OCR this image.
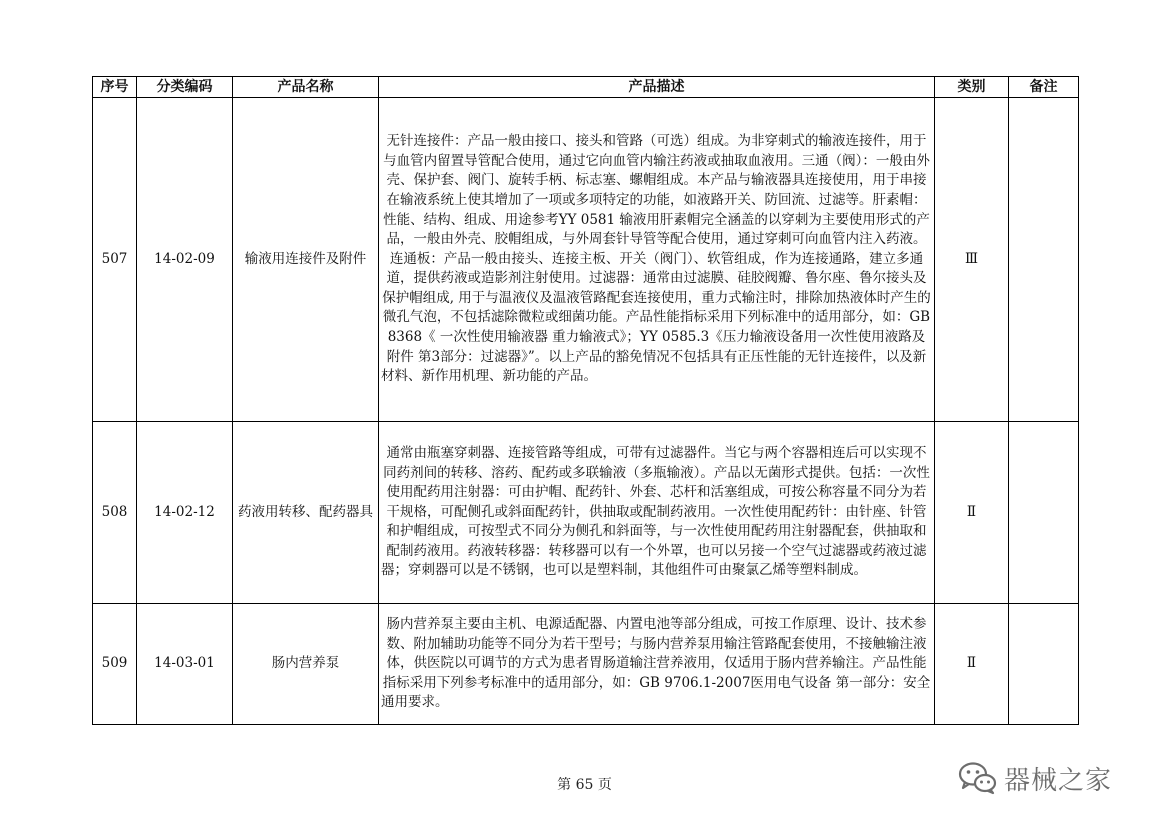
序号	分类编码	产品名称	产品描述	类别	备注
507	14-02-09	输液用连接件及附件	无针连接件：产品一般由接口、接头和管路（可选）组成。为非穿刺式的输液连接件，用于与血管内留置导管配合使用，通过它向血管内输注药液或抽取血液用。三通（阀）：一般由外壳、保护套、阀门、旋转手柄、标志塞、螺帽组成。本产品与输液器具连接使用，用于串接在输液系统上使其增加了一项或多项特定的功能，如液路开关、防回流、过滤等。肝素帽：性能、结构、组成、用途参考YY 0581 输液用肝素帽完全涵盖的以穿刺为主要使用形式的产品，一般由外壳、胶帽组成，与外周套针导管等配合使用，通过穿刺可向血管内注入药液。连通板：产品一般由接头、连接主板、开关（阀门）、软管组成，作为连接通路，建立多通道，提供药液或造影剂注射使用。过滤器：通常由过滤膜、硅胶阀瓣、鲁尔座、鲁尔接头及保护帽组成, 用于与温液仪及温液管路配套连接使用，重力式输注时，排除加热液体时产生的微孔气泡，不包括滤除微粒或细菌功能。产品性能指标采用下列标准中的适用部分，如：GB8368《 一次性使用输液器 重力输液式》；YY 0585.3《压力输液设备用一次性使用液路及附件 第3部分：过滤器》”。以上产品的豁免情况不包括具有正压性能的无针连接件，以及新材料、新作用机理、新功能的产品。	Ⅲ	
508	14-02-12	药液用转移、配药器具	通常由瓶塞穿刺器、连接管路等组成，可带有过滤器件。当它与两个容器相连后可以实现不同药剂间的转移、溶药、配药或多联输液（多瓶输液）。产品以无菌形式提供。包括：一次性使用配药用注射器：可由护帽、配药针、外套、芯杆和活塞组成，可按公称容量不同分为若干规格，可配侧孔或斜面配药针，供抽取或配制药液用。一次性使用配药针：由针座、针管和护帽组成，可按型式不同分为侧孔和斜面等，与一次性使用配药用注射器配套，供抽取和配制药液用。药液转移器：转移器可以有一个外罩，也可以另接一个空气过滤器或药液过滤器；穿刺器可以是不锈钢，也可以是塑料制，其他组件可由聚氯乙烯等塑料制成。	Ⅱ	
509	14-03-01	肠内营养泵	肠内营养泵主要由主机、电源适配器、内置电池等部分组成，可按工作原理、设计、技术参数、附加辅助功能等不同分为若干型号；与肠内营养泵用输注管路配套使用，不接触输注液体，供医院以可调节的方式为患者胃肠道输注营养液用，仅适用于肠内营养输注。产品性能指标采用下列参考标准中的适用部分，如：GB 9706.1-2007医用电气设备 第一部分：安全通用要求。	Ⅱ	
第 65 页	器械之家
